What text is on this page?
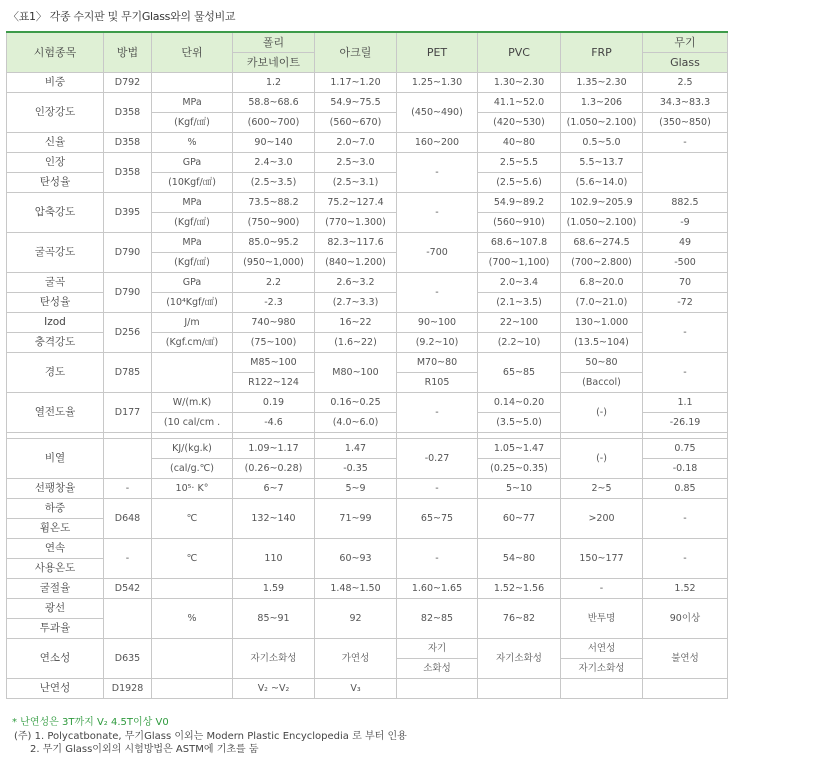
〈표1〉 각종 수지판 및 무기Glass와의 물성비교
시험종목	방법	단위	폴리	아크릴	PET	PVC	FRP	무기
			카보네이트					Glass
비중	D792		1.2	1.17~1.20	1.25~1.30	1.30~2.30	1.35~2.30	2.5
인장강도	D358	MPa	58.8~68.6	54.9~75.5	(450~490)	41.1~52.0	1.3~206	34.3~83.3
		(Kgf/㎠)	(600~700)	(560~670)		(420~530)	(1.050~2.100)	(350~850)
신율	D358	%	90~140	2.0~7.0	160~200	40~80	0.5~5.0	-
인장	D358	GPa	2.4~3.0	2.5~3.0	-	2.5~5.5	5.5~13.7	
탄성율		(10Kgf/㎠)	(2.5~3.5)	(2.5~3.1)		(2.5~5.6)	(5.6~14.0)	
압축강도	D395	MPa	73.5~88.2	75.2~127.4	-	54.9~89.2	102.9~205.9	882.5
		(Kgf/㎠)	(750~900)	(770~1.300)		(560~910)	(1.050~2.100)	-9
굴곡강도	D790	MPa	85.0~95.2	82.3~117.6	-700	68.6~107.8	68.6~274.5	49
		(Kgf/㎠)	(950~1,000)	(840~1.200)		(700~1,100)	(700~2.800)	-500
굴곡	D790	GPa	2.2	2.6~3.2	-	2.0~3.4	6.8~20.0	70
탄성율		(10⁴Kgf/㎠)	-2.3	(2.7~3.3)		(2.1~3.5)	(7.0~21.0)	-72
Izod	D256	J/m	740~980	16~22	90~100	22~100	130~1.000	-
충격강도		(Kgf.cm/㎠)	(75~100)	(1.6~22)	(9.2~10)	(2.2~10)	(13.5~104)	
경도	D785		M85~100	M80~100	M70~80	65~85	50~80	-
			R122~124		R105		(Baccol)	
열전도율	D177	W/(m.K)	0.19	0.16~0.25	-	0.14~0.20	(-)	1.1
		(10 cal/cm .	-4.6	(4.0~6.0)		(3.5~5.0)		-26.19

비열		KJ/(kg.k)	1.09~1.17	1.47	-0.27	1.05~1.47	(-)	0.75
		(cal/g.℃)	(0.26~0.28)	-0.35		(0.25~0.35)		-0.18
선팽창율	-	10⁵· K°	6~7	5~9	-	5~10	2~5	0.85
하중	D648	℃	132~140	71~99	65~75	60~77	>200	-
휨온도								
연속	-	℃	110	60~93	-	54~80	150~177	-
사용온도								
굴절율	D542		1.59	1.48~1.50	1.60~1.65	1.52~1.56	-	1.52
광선		%	85~91	92	82~85	76~82	반투명	90이상
투과율								
연소성	D635		자기소화성	가연성	자기	자기소화성	서연성	불연성
					소화성		자기소화성	
난연성	D1928		V₂ ~V₂	V₃				
* 난연성은 3T까지 V₂ 4.5T이상 V0
(주) 1. Polycatbonate, 무기Glass 이외는 Modern Plastic Encyclopedia 로 부터 인용
2. 무기 Glass이외의 시험방법은 ASTM에 기초를 둠
